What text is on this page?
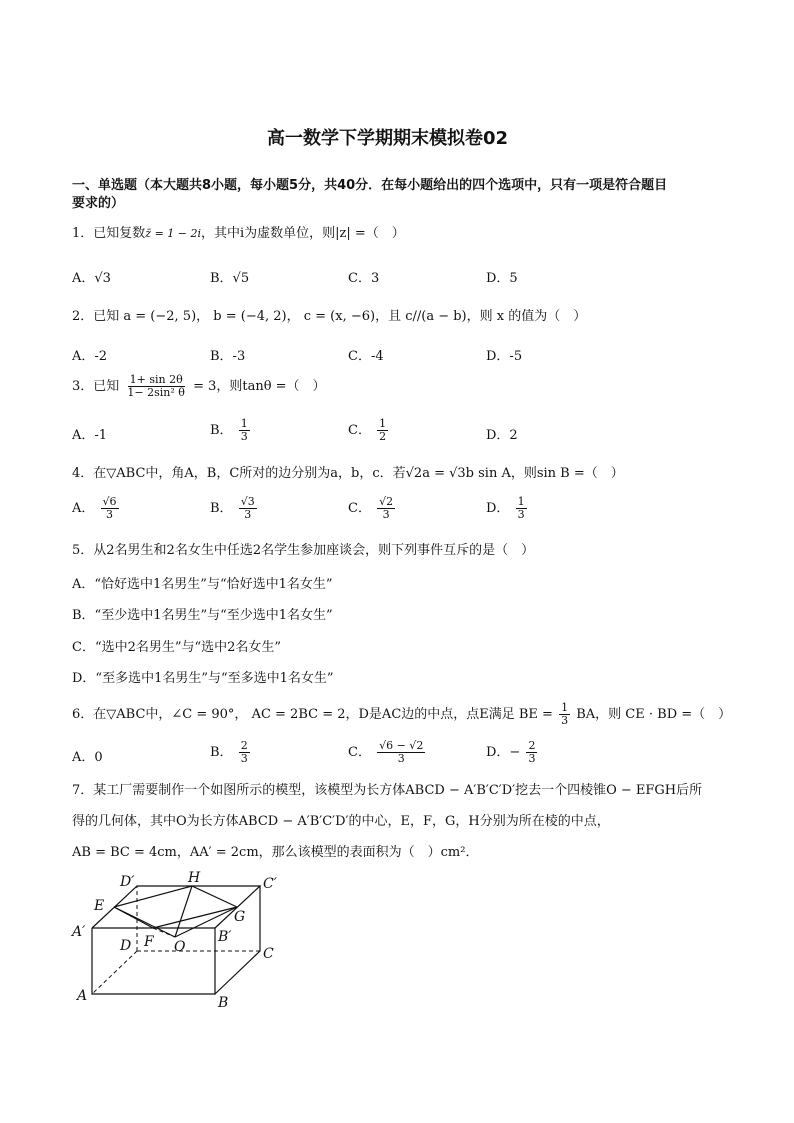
高一数学下学期期末模拟卷02
一、单选题（本大题共8小题，每小题5分，共40分．在每小题给出的四个选项中，只有一项是符合题目
要求的）
1．已知复数z̄ = 1 − 2i，其中i为虚数单位，则|z| =（　）
A．√3	B．√5	C．3	D．5
2．已知 a = (−2, 5)， b = (−4, 2)， c = (x, −6)，且 c//(a − b)，则 x 的值为（　）
A．-2	B．-3	C．-4	D．-5
3．已知 $\frac{1+ \sin 2\theta}{\text{1− 2sin² θ}} = 3$，则tanθ =（　）
A．-1	B． $\frac{1}{3}$	C． $\frac{1}{2}$	D．2
4．在▽ABC中，角A，B，C所对的边分别为a，b，c．若√2a = √3b sin A，则sin B =（　）
A． $\frac{√6}{3}$	B． $\frac{√3}{3}$	C． $\frac{√2}{3}$	D． $\frac{1}{3}$
5．从2名男生和2名女生中任选2名学生参加座谈会，则下列事件互斥的是（　）
A．“恰好选中1名男生”与“恰好选中1名女生”
B．“至少选中1名男生”与“至少选中1名女生”
C．“选中2名男生”与“选中2名女生”
D．“至多选中1名男生”与“至多选中1名女生”
6．在▽ABC中，∠C = 90°， AC = 2BC = 2，D是AC边的中点，点E满足 BE = $\frac{1}{3}$ BA，则 CE · BD =（　）
A．0	B． $\frac{2}{3}$	C． $\frac{√6 - √2}{3}$	D．− $\frac{2}{3}$
7．某工厂需要制作一个如图所示的模型，该模型为长方体ABCD − A′B′C′D′挖去一个四棱锥O − EFGH后所
得的几何体，其中O为长方体ABCD − A′B′C′D′的中心，E，F，G，H分别为所在棱的中点，
AB = BC = 4cm，AA′ = 2cm，那么该模型的表面积为（　）cm²．
D′	H	C′
E
G
A′
D F O
B′
C
A	B
